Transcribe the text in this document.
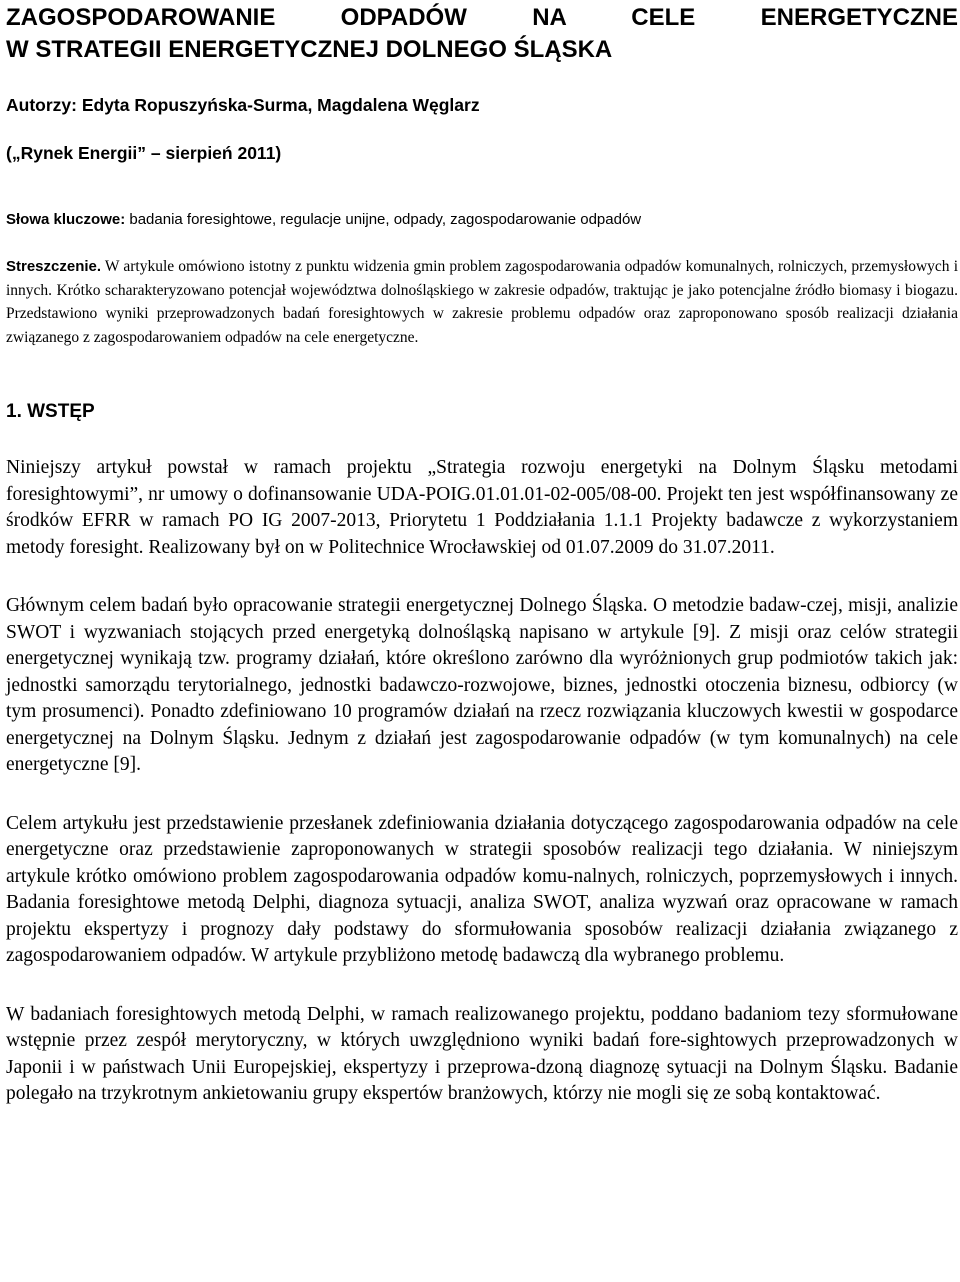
ZAGOSPODAROWANIE ODPADÓW NA CELE ENERGETYCZNE
W STRATEGII ENERGETYCZNEJ DOLNEGO ŚLĄSKA

Autorzy: Edyta Ropuszyńska-Surma, Magdalena Węglarz

(„Rynek Energii” – sierpień 2011)

Słowa kluczowe: badania foresightowe, regulacje unijne, odpady, zagospodarowanie odpadów

Streszczenie. W artykule omówiono istotny z punktu widzenia gmin problem zagospodarowania odpadów komunalnych, rolniczych, przemysłowych i innych. Krótko scharakteryzowano potencjał województwa dolnośląskiego w zakresie odpadów, traktując je jako potencjalne źródło biomasy i biogazu. Przedstawiono wyniki przeprowadzonych badań foresightowych w zakresie problemu odpadów oraz zaproponowano sposób realizacji działania związanego z zagospodarowaniem odpadów na cele energetyczne.

1. WSTĘP

Niniejszy artykuł powstał w ramach projektu „Strategia rozwoju energetyki na Dolnym Śląsku metodami foresightowymi”, nr umowy o dofinansowanie UDA-POIG.01.01.01-02-005/08-00. Projekt ten jest współfinansowany ze środków EFRR w ramach PO IG 2007-2013, Priorytetu 1 Poddziałania 1.1.1 Projekty badawcze z wykorzystaniem metody foresight. Realizowany był on w Politechnice Wrocławskiej od 01.07.2009 do 31.07.2011.

Głównym celem badań było opracowanie strategii energetycznej Dolnego Śląska. O metodzie badaw-czej, misji, analizie SWOT i wyzwaniach stojących przed energetyką dolnośląską napisano w artykule [9]. Z misji oraz celów strategii energetycznej wynikają tzw. programy działań, które określono zarówno dla wyróżnionych grup podmiotów takich jak: jednostki samorządu terytorialnego, jednostki badawczo-rozwojowe, biznes, jednostki otoczenia biznesu, odbiorcy (w tym prosumenci). Ponadto zdefiniowano 10 programów działań na rzecz rozwiązania kluczowych kwestii w gospodarce energetycznej na Dolnym Śląsku. Jednym z działań jest zagospodarowanie odpadów (w tym komunalnych) na cele energetyczne [9].

Celem artykułu jest przedstawienie przesłanek zdefiniowania działania dotyczącego zagospodarowania odpadów na cele energetyczne oraz przedstawienie zaproponowanych w strategii sposobów realizacji tego działania. W niniejszym artykule krótko omówiono problem zagospodarowania odpadów komu-nalnych, rolniczych, poprzemysłowych i innych. Badania foresightowe metodą Delphi, diagnoza sytuacji, analiza SWOT, analiza wyzwań oraz opracowane w ramach projektu ekspertyzy i prognozy dały podstawy do sformułowania sposobów realizacji działania związanego z zagospodarowaniem odpadów. W artykule przybliżono metodę badawczą dla wybranego problemu.

W badaniach foresightowych metodą Delphi, w ramach realizowanego projektu, poddano badaniom tezy sformułowane wstępnie przez zespół merytoryczny, w których uwzględniono wyniki badań fore-sightowych przeprowadzonych w Japonii i w państwach Unii Europejskiej, ekspertyzy i przeprowa-dzoną diagnozę sytuacji na Dolnym Śląsku. Badanie polegało na trzykrotnym ankietowaniu grupy ekspertów branżowych, którzy nie mogli się ze sobą kontaktować.
